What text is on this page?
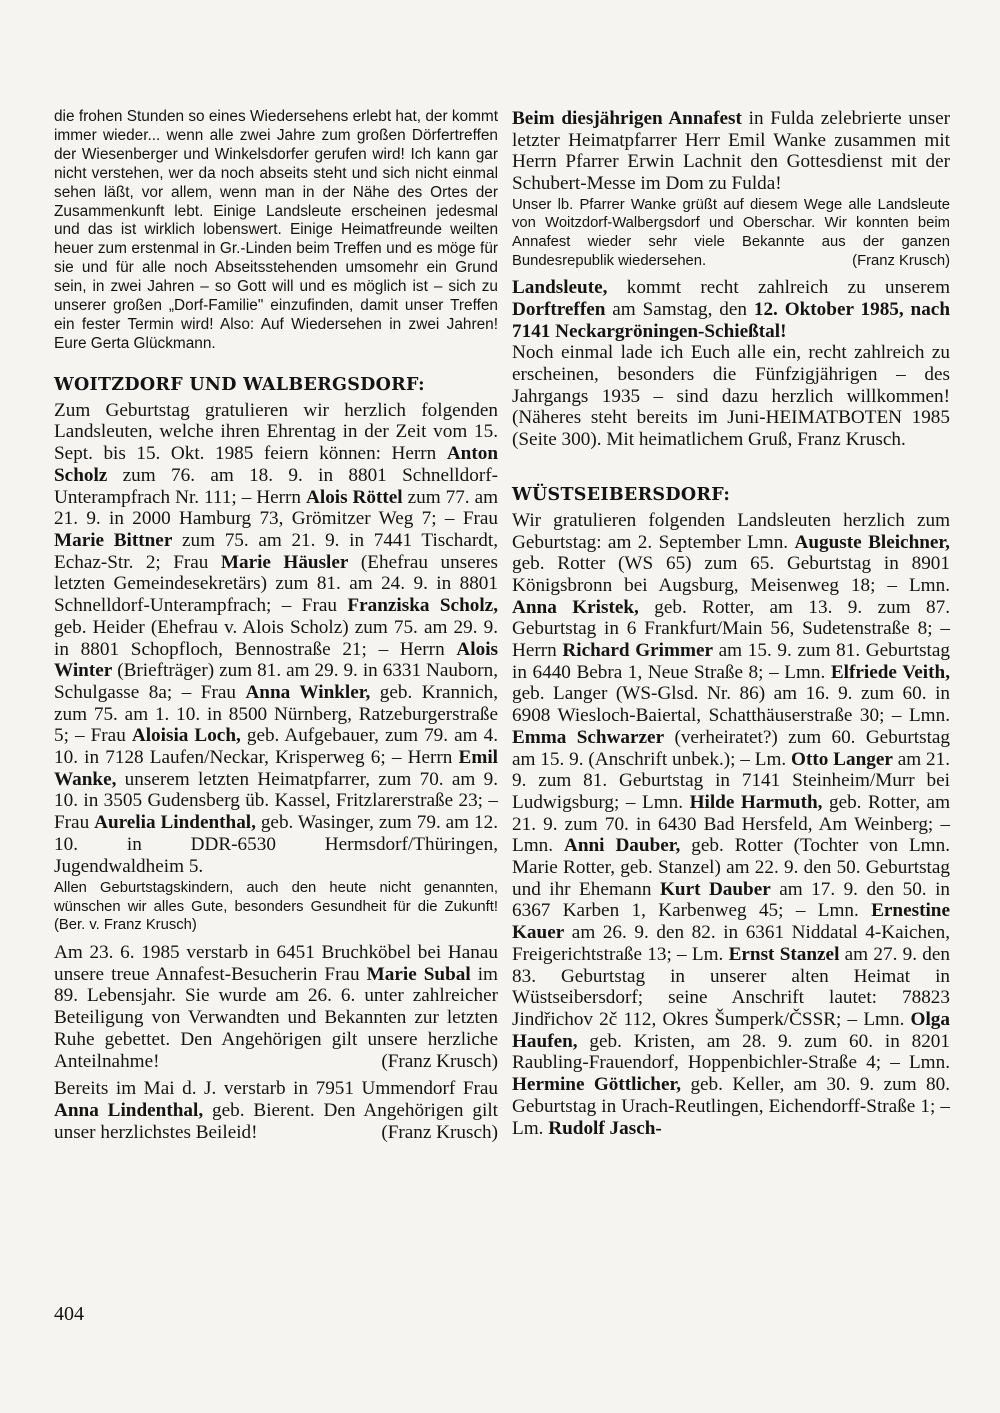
die frohen Stunden so eines Wiedersehens erlebt hat, der kommt immer wieder... wenn alle zwei Jahre zum großen Dörfertreffen der Wiesenberger und Winkelsdorfer gerufen wird! Ich kann gar nicht verstehen, wer da noch abseits steht und sich nicht einmal sehen läßt, vor allem, wenn man in der Nähe des Ortes der Zusammenkunft lebt. Einige Landsleute erscheinen jedesmal und das ist wirklich lobenswert. Einige Heimatfreunde weilten heuer zum erstenmal in Gr.-Linden beim Treffen und es möge für sie und für alle noch Abseitsstehenden umsomehr ein Grund sein, in zwei Jahren – so Gott will und es möglich ist – sich zu unserer großen „Dorf-Familie" einzufinden, damit unser Treffen ein fester Termin wird! Also: Auf Wiedersehen in zwei Jahren! Eure Gerta Glückmann.

WOITZDORF UND WALBERGSDORF:

Zum Geburtstag gratulieren wir herzlich folgenden Landsleuten, welche ihren Ehrentag in der Zeit vom 15. Sept. bis 15. Okt. 1985 feiern können: Herrn Anton Scholz zum 76. am 18. 9. in 8801 Schnelldorf-Unterampfrach Nr. 111; – Herrn Alois Röttel zum 77. am 21. 9. in 2000 Hamburg 73, Grömitzer Weg 7; – Frau Marie Bittner zum 75. am 21. 9. in 7441 Tischardt, Echaz-Str. 2; Frau Marie Häusler (Ehefrau unseres letzten Gemeindesekretärs) zum 81. am 24. 9. in 8801 Schnelldorf-Unterampfrach; – Frau Franziska Scholz, geb. Heider (Ehefrau v. Alois Scholz) zum 75. am 29. 9. in 8801 Schopfloch, Bennostraße 21; – Herrn Alois Winter (Briefträger) zum 81. am 29. 9. in 6331 Nauborn, Schulgasse 8a; – Frau Anna Winkler, geb. Krannich, zum 75. am 1. 10. in 8500 Nürnberg, Ratzeburgerstraße 5; – Frau Aloisia Loch, geb. Aufgebauer, zum 79. am 4. 10. in 7128 Laufen/Neckar, Krisperweg 6; – Herrn Emil Wanke, unserem letzten Heimatpfarrer, zum 70. am 9. 10. in 3505 Gudensberg üb. Kassel, Fritzlarerstraße 23; – Frau Aurelia Lindenthal, geb. Wasinger, zum 79. am 12. 10. in DDR-6530 Hermsdorf/Thüringen, Jugendwaldheim 5.

Allen Geburtstagskindern, auch den heute nicht genannten, wünschen wir alles Gute, besonders Gesundheit für die Zukunft! (Ber. v. Franz Krusch)

Am 23. 6. 1985 verstarb in 6451 Bruchköbel bei Hanau unsere treue Annafest-Besucherin Frau Marie Subal im 89. Lebensjahr. Sie wurde am 26. 6. unter zahlreicher Beteiligung von Verwandten und Bekannten zur letzten Ruhe gebettet. Den Angehörigen gilt unsere herzliche Anteilnahme!	(Franz Krusch)

Bereits im Mai d. J. verstarb in 7951 Ummendorf Frau Anna Lindenthal, geb. Bierent. Den Angehörigen gilt unser herzlichstes Beileid!	(Franz Krusch)

Beim diesjährigen Annafest in Fulda zelebrierte unser letzter Heimatpfarrer Herr Emil Wanke zusammen mit Herrn Pfarrer Erwin Lachnit den Gottesdienst mit der Schubert-Messe im Dom zu Fulda!

Unser lb. Pfarrer Wanke grüßt auf diesem Wege alle Landsleute von Woitzdorf-Walbergsdorf und Oberschar. Wir konnten beim Annafest wieder sehr viele Bekannte aus der ganzen Bundesrepublik wiedersehen.	(Franz Krusch)

Landsleute, kommt recht zahlreich zu unserem Dorftreffen am Samstag, den 12. Oktober 1985, nach 7141 Neckargröningen-Schießtal!

Noch einmal lade ich Euch alle ein, recht zahlreich zu erscheinen, besonders die Fünfzigjährigen – des Jahrgangs 1935 – sind dazu herzlich willkommen! (Näheres steht bereits im Juni-HEIMATBOTEN 1985 (Seite 300). Mit heimatlichem Gruß, Franz Krusch.

WÜSTSEIBERSDORF:

Wir gratulieren folgenden Landsleuten herzlich zum Geburtstag: am 2. September Lmn. Auguste Bleichner, geb. Rotter (WS 65) zum 65. Geburtstag in 8901 Königsbronn bei Augsburg, Meisenweg 18; – Lmn. Anna Kristek, geb. Rotter, am 13. 9. zum 87. Geburtstag in 6 Frankfurt/Main 56, Sudetenstraße 8; – Herrn Richard Grimmer am 15. 9. zum 81. Geburtstag in 6440 Bebra 1, Neue Straße 8; – Lmn. Elfriede Veith, geb. Langer (WS-Glsd. Nr. 86) am 16. 9. zum 60. in 6908 Wiesloch-Baiertal, Schatthäuserstraße 30; – Lmn. Emma Schwarzer (verheiratet?) zum 60. Geburtstag am 15. 9. (Anschrift unbek.); – Lm. Otto Langer am 21. 9. zum 81. Geburtstag in 7141 Steinheim/Murr bei Ludwigsburg; – Lmn. Hilde Harmuth, geb. Rotter, am 21. 9. zum 70. in 6430 Bad Hersfeld, Am Weinberg; – Lmn. Anni Dauber, geb. Rotter (Tochter von Lmn. Marie Rotter, geb. Stanzel) am 22. 9. den 50. Geburtstag und ihr Ehemann Kurt Dauber am 17. 9. den 50. in 6367 Karben 1, Karbenweg 45; – Lmn. Ernestine Kauer am 26. 9. den 82. in 6361 Niddatal 4-Kaichen, Freigerichtstraße 13; – Lm. Ernst Stanzel am 27. 9. den 83. Geburtstag in unserer alten Heimat in Wüstseibersdorf; seine Anschrift lautet: 78823 Jindřichov 2č 112, Okres Šumperk/ČSSR; – Lmn. Olga Haufen, geb. Kristen, am 28. 9. zum 60. in 8201 Raubling-Frauendorf, Hoppenbichler-Straße 4; – Lmn. Hermine Göttlicher, geb. Keller, am 30. 9. zum 80. Geburtstag in Urach-Reutlingen, Eichendorff-Straße 1; – Lm. Rudolf Jasch-

404
